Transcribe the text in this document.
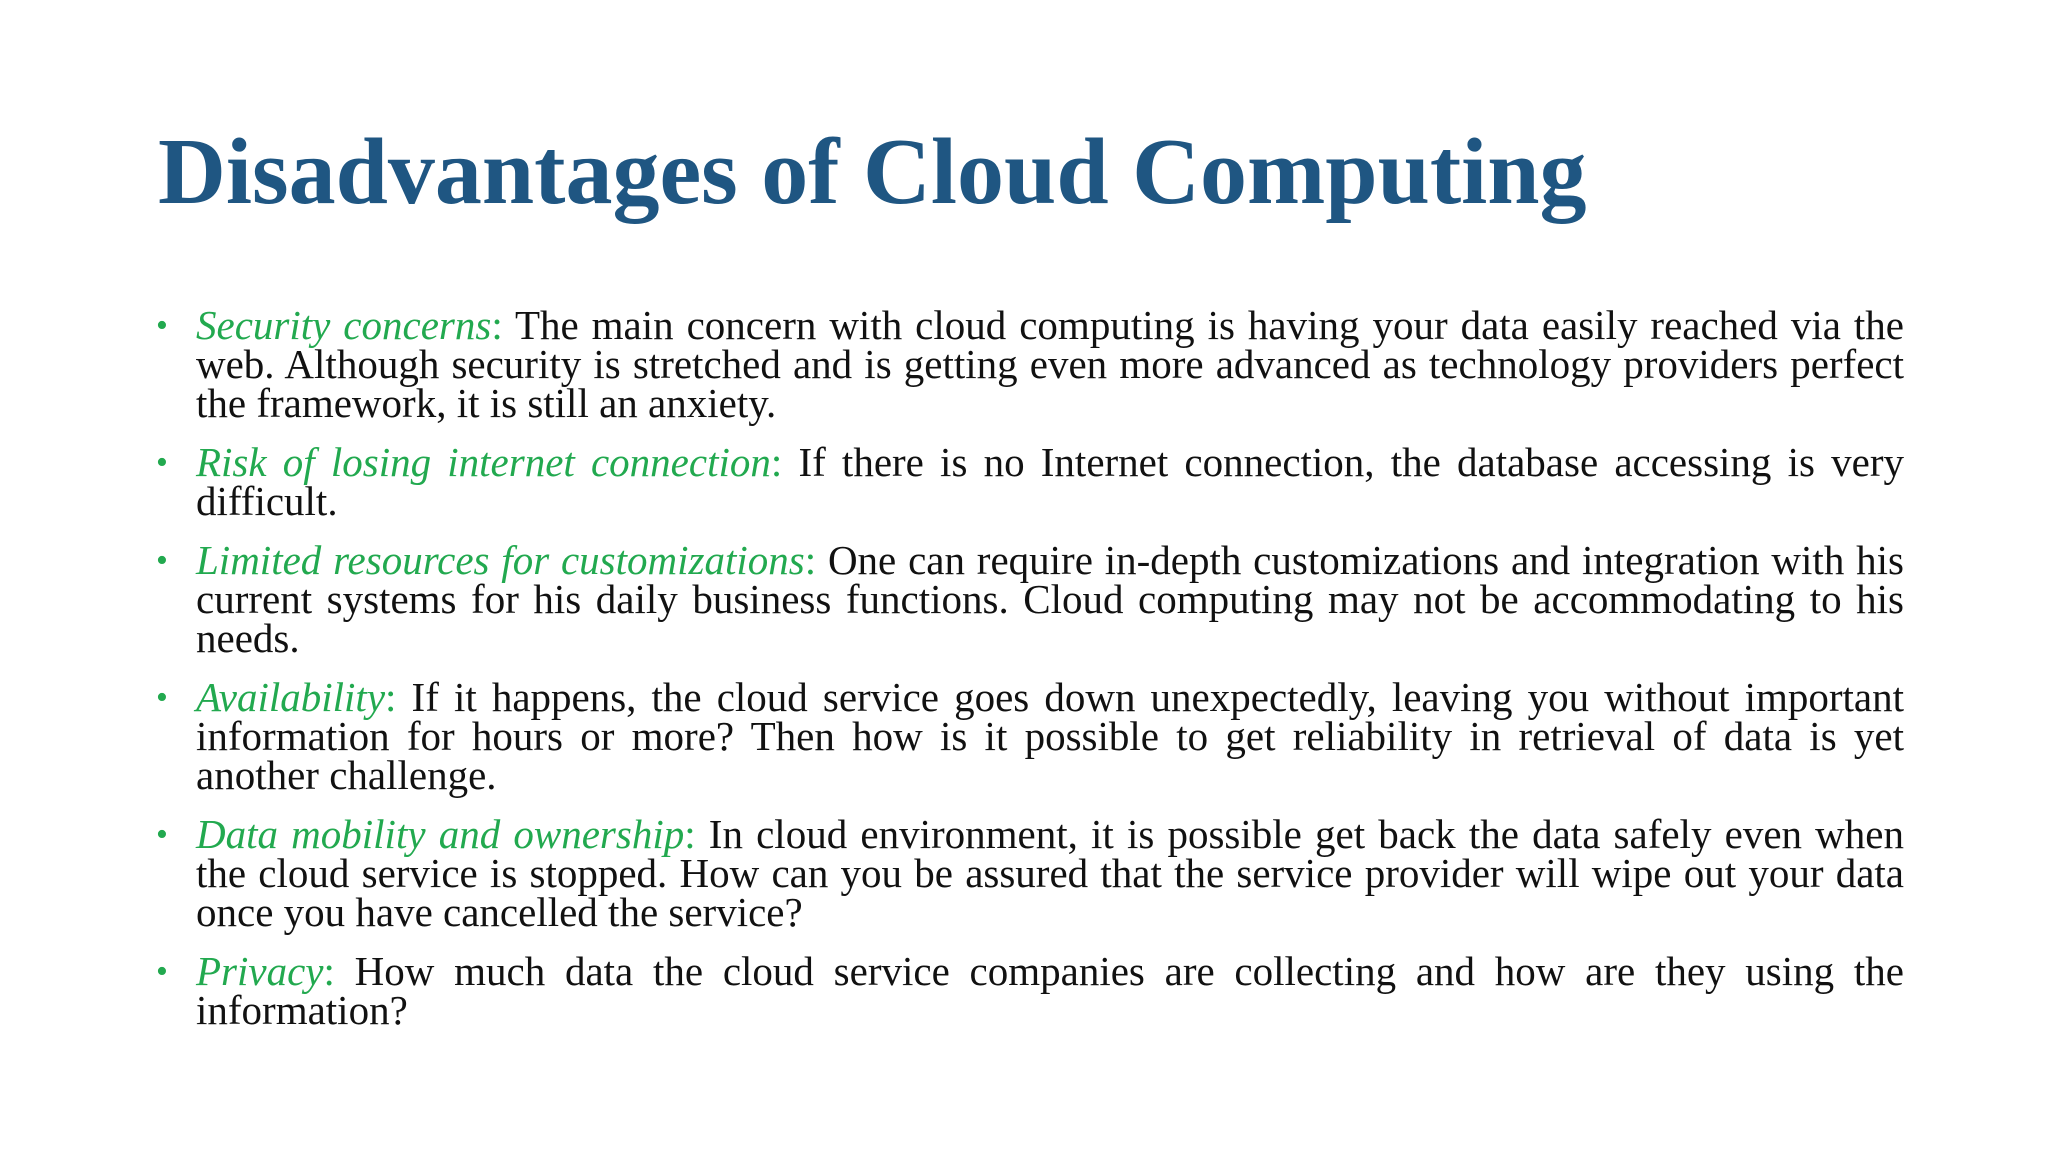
Disadvantages of Cloud Computing
• Security concerns: The main concern with cloud computing is having your data easily reached via the web. Although security is stretched and is getting even more advanced as technology providers perfect the framework, it is still an anxiety.
• Risk of losing internet connection: If there is no Internet connection, the database accessing is very difficult.
• Limited resources for customizations: One can require in-depth customizations and integration with his current systems for his daily business functions. Cloud computing may not be accommodating to his needs.
• Availability: If it happens, the cloud service goes down unexpectedly, leaving you without important information for hours or more? Then how is it possible to get reliability in retrieval of data is yet another challenge.
• Data mobility and ownership: In cloud environment, it is possible get back the data safely even when the cloud service is stopped. How can you be assured that the service provider will wipe out your data once you have cancelled the service?
• Privacy: How much data the cloud service companies are collecting and how are they using the information?
